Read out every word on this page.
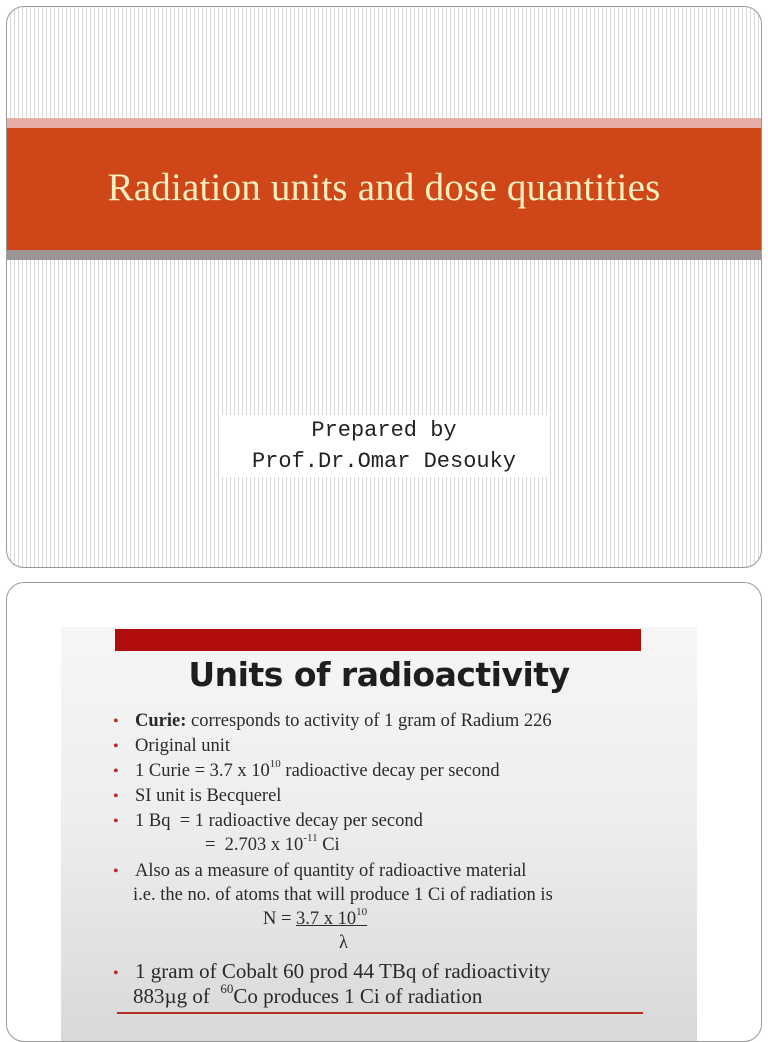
Radiation units and dose quantities
Prepared by
Prof.Dr.Omar Desouky
Units of radioactivity
• Curie: corresponds to activity of 1 gram of Radium 226
• Original unit
• 1 Curie = 3.7 x $10^{10}$ radioactive decay per second
• SI unit is Becquerel
• 1 Bq  = 1 radioactive decay per second
=  2.703 x $10^{-11}$ Ci
• Also as a measure of quantity of radioactive material
i.e. the no. of atoms that will produce 1 Ci of radiation is
N = 3.7 x $10^{10}$
λ
• 1 gram of Cobalt 60 prod 44 TBq of radioactivity
883µg of  $^{60}$Co produces 1 Ci of radiation
